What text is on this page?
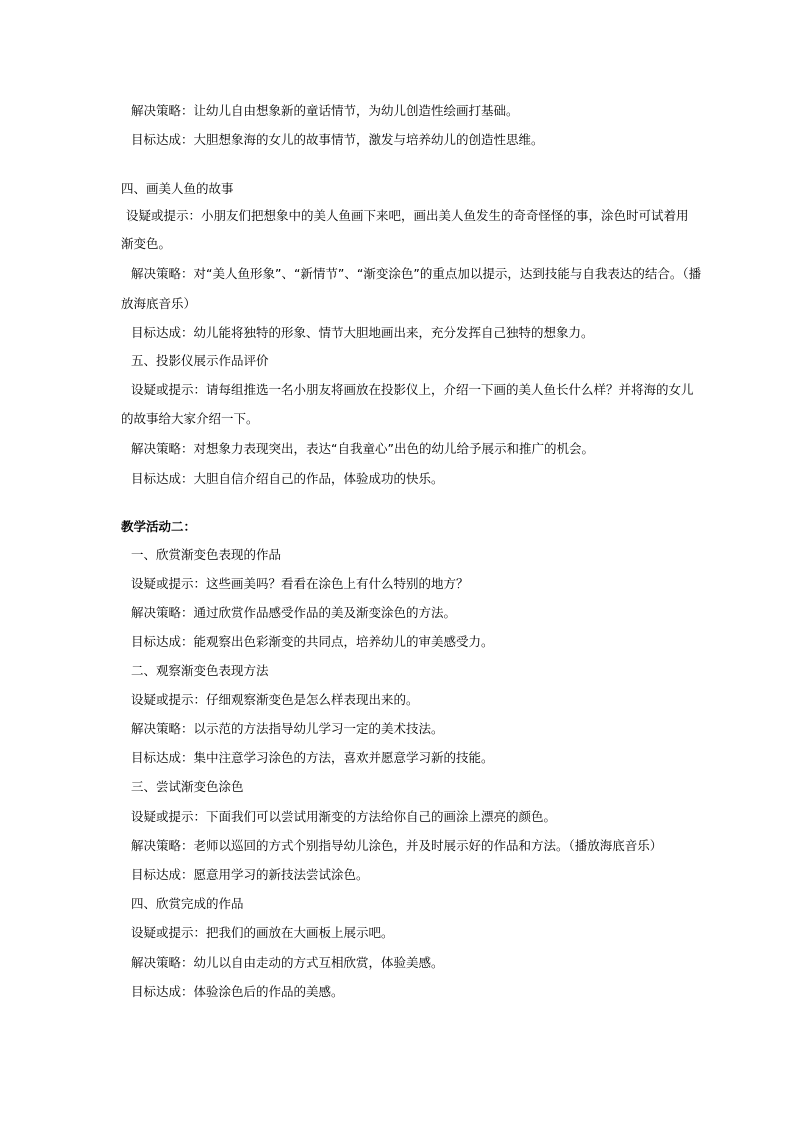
解决策略：让幼儿自由想象新的童话情节，为幼儿创造性绘画打基础。
目标达成：大胆想象海的女儿的故事情节，激发与培养幼儿的创造性思维。
四、画美人鱼的故事
设疑或提示：小朋友们把想象中的美人鱼画下来吧，画出美人鱼发生的奇奇怪怪的事，涂色时可试着用
渐变色。
解决策略：对“美人鱼形象”、“新情节”、“渐变涂色”的重点加以提示，达到技能与自我表达的结合。（播
放海底音乐）
目标达成：幼儿能将独特的形象、情节大胆地画出来，充分发挥自己独特的想象力。
五、投影仪展示作品评价
设疑或提示：请每组推选一名小朋友将画放在投影仪上，介绍一下画的美人鱼长什么样？并将海的女儿
的故事给大家介绍一下。
解决策略：对想象力表现突出，表达“自我童心”出色的幼儿给予展示和推广的机会。
目标达成：大胆自信介绍自己的作品，体验成功的快乐。
教学活动二：
一、欣赏渐变色表现的作品
设疑或提示：这些画美吗？看看在涂色上有什么特别的地方？
解决策略：通过欣赏作品感受作品的美及渐变涂色的方法。
目标达成：能观察出色彩渐变的共同点，培养幼儿的审美感受力。
二、观察渐变色表现方法
设疑或提示：仔细观察渐变色是怎么样表现出来的。
解决策略：以示范的方法指导幼儿学习一定的美术技法。
目标达成：集中注意学习涂色的方法，喜欢并愿意学习新的技能。
三、尝试渐变色涂色
设疑或提示：下面我们可以尝试用渐变的方法给你自己的画涂上漂亮的颜色。
解决策略：老师以巡回的方式个别指导幼儿涂色，并及时展示好的作品和方法。（播放海底音乐）
目标达成：愿意用学习的新技法尝试涂色。
四、欣赏完成的作品
设疑或提示：把我们的画放在大画板上展示吧。
解决策略：幼儿以自由走动的方式互相欣赏，体验美感。
目标达成：体验涂色后的作品的美感。
